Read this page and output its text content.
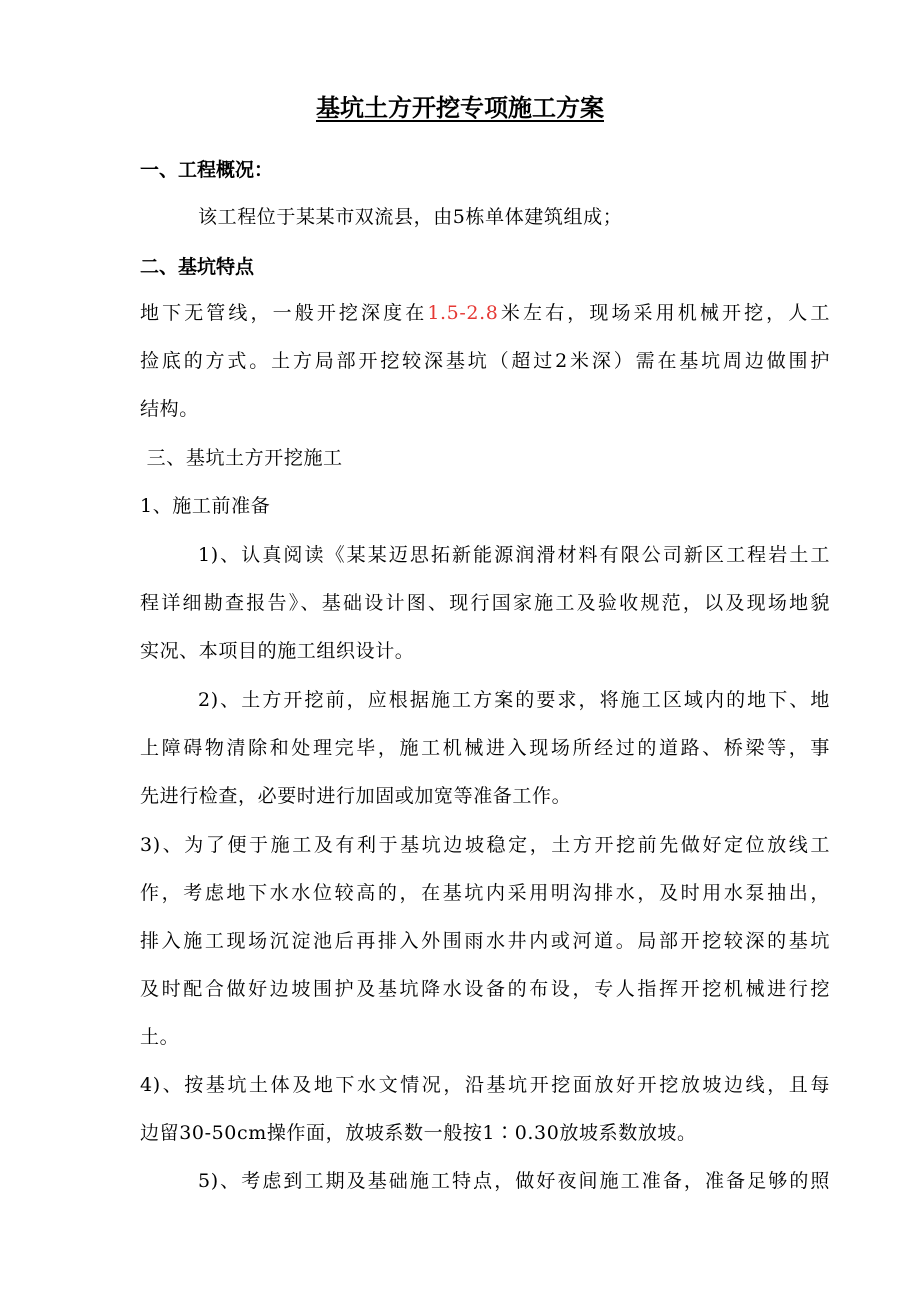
基坑土方开挖专项施工方案
一、工程概况：
该工程位于某某市双流县，由5栋单体建筑组成；
二、基坑特点
地下无管线，一般开挖深度在1.5-2.8米左右，现场采用机械开挖，人工
捡底的方式。土方局部开挖较深基坑（超过2米深）需在基坑周边做围护
结构。
三、基坑土方开挖施工
1、施工前准备
1)、认真阅读《某某迈思拓新能源润滑材料有限公司新区工程岩土工
程详细勘查报告》、基础设计图、现行国家施工及验收规范，以及现场地貌
实况、本项目的施工组织设计。
2)、土方开挖前，应根据施工方案的要求，将施工区域内的地下、地
上障碍物清除和处理完毕，施工机械进入现场所经过的道路、桥梁等，事
先进行检查，必要时进行加固或加宽等准备工作。
3)、为了便于施工及有利于基坑边坡稳定，土方开挖前先做好定位放线工
作，考虑地下水水位较高的，在基坑内采用明沟排水，及时用水泵抽出，
排入施工现场沉淀池后再排入外围雨水井内或河道。局部开挖较深的基坑
及时配合做好边坡围护及基坑降水设备的布设，专人指挥开挖机械进行挖
土。
4)、按基坑土体及地下水文情况，沿基坑开挖面放好开挖放坡边线，且每
边留30-50cm操作面，放坡系数一般按1∶0.30放坡系数放坡。
5)、考虑到工期及基础施工特点，做好夜间施工准备，准备足够的照
